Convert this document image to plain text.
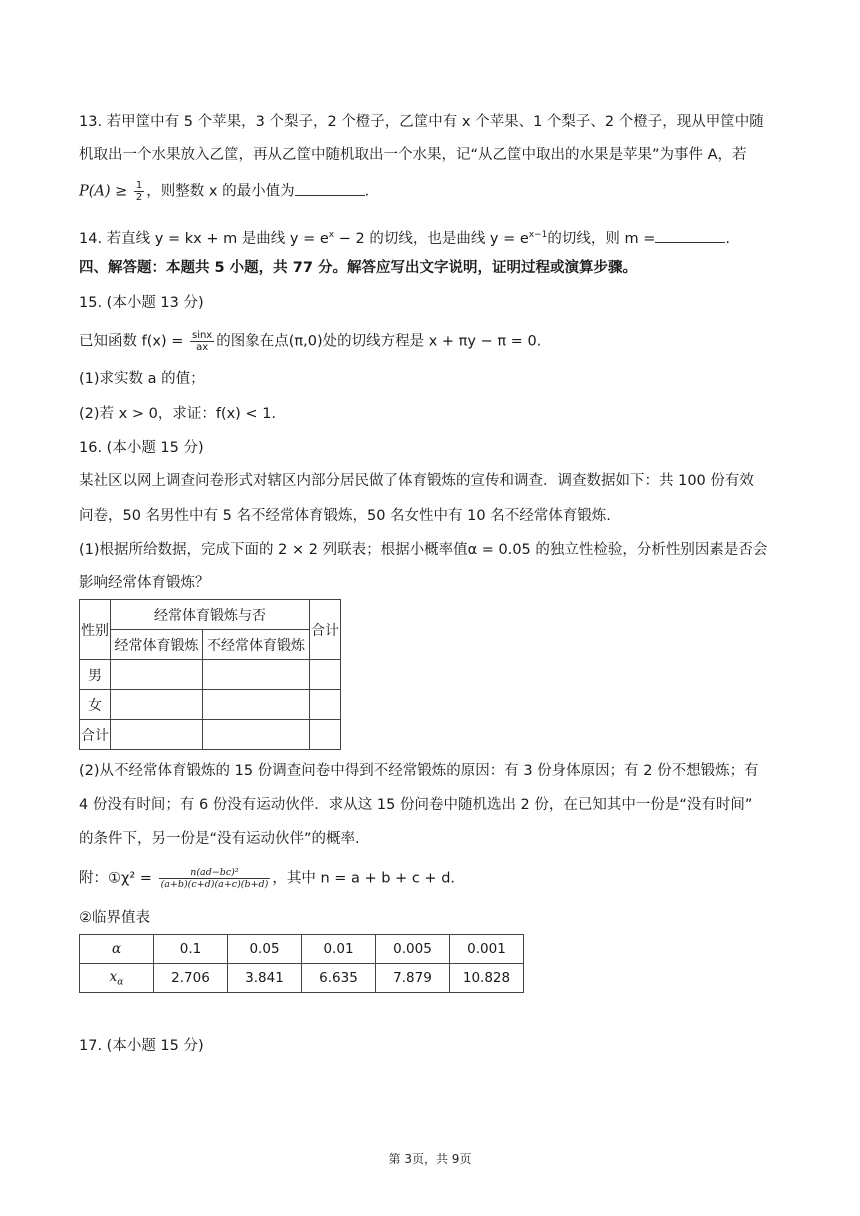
13. 若甲筐中有 5 个苹果，3 个梨子，2 个橙子，乙筐中有 x 个苹果、1 个梨子、2 个橙子，现从甲筐中随
机取出一个水果放入乙筐，再从乙筐中随机取出一个水果，记“从乙筐中取出的水果是苹果”为事件 A，若
$P(A) \ge \frac{1}{2}$ ，则整数 x 的最小值为	.
14. 若直线 y = kx + m 是曲线 $y = e^x - 2$ 的切线，也是曲线 $y = e^{x-1}$的切线，则 m =	.
四、解答题：本题共 5 小题，共 77 分。解答应写出文字说明，证明过程或演算步骤。
15. (本小题 13 分)
已知函数 $f(x) = \frac{\sin x}{ax}$ 的图象在点(π,0)处的切线方程是 x + πy − π = 0.
(1)求实数 a 的值；
(2)若 x > 0，求证：f(x) < 1.
16. (本小题 15 分)
某社区以网上调查问卷形式对辖区内部分居民做了体育锻炼的宣传和调查．调查数据如下：共 100 份有效
问卷，50 名男性中有 5 名不经常体育锻炼，50 名女性中有 10 名不经常体育锻炼.
(1)根据所给数据，完成下面的 2 × 2 列联表；根据小概率值α = 0.05 的独立性检验，分析性别因素是否会
影响经常体育锻炼？
性别	经常体育锻炼与否		合计
	经常体育锻炼	不经常体育锻炼	
男			
女			
合计			
(2)从不经常体育锻炼的 15 份调查问卷中得到不经常锻炼的原因：有 3 份身体原因；有 2 份不想锻炼；有
4 份没有时间；有 6 份没有运动伙伴．求从这 15 份问卷中随机选出 2 份，在已知其中一份是“没有时间”
的条件下，另一份是“没有运动伙伴”的概率.
附：①χ² = $\frac{\text{n(ad−bc)²}}{(a+b)(c+d)(a+c)(b+d)}$ ，其中 n = a + b + c + d.
②临界值表
α	0.1	0.05	0.01	0.005	0.001
$x_\alpha$	2.706	3.841	6.635	7.879	10.828
17. (本小题 15 分)
第 3页，共 9页
